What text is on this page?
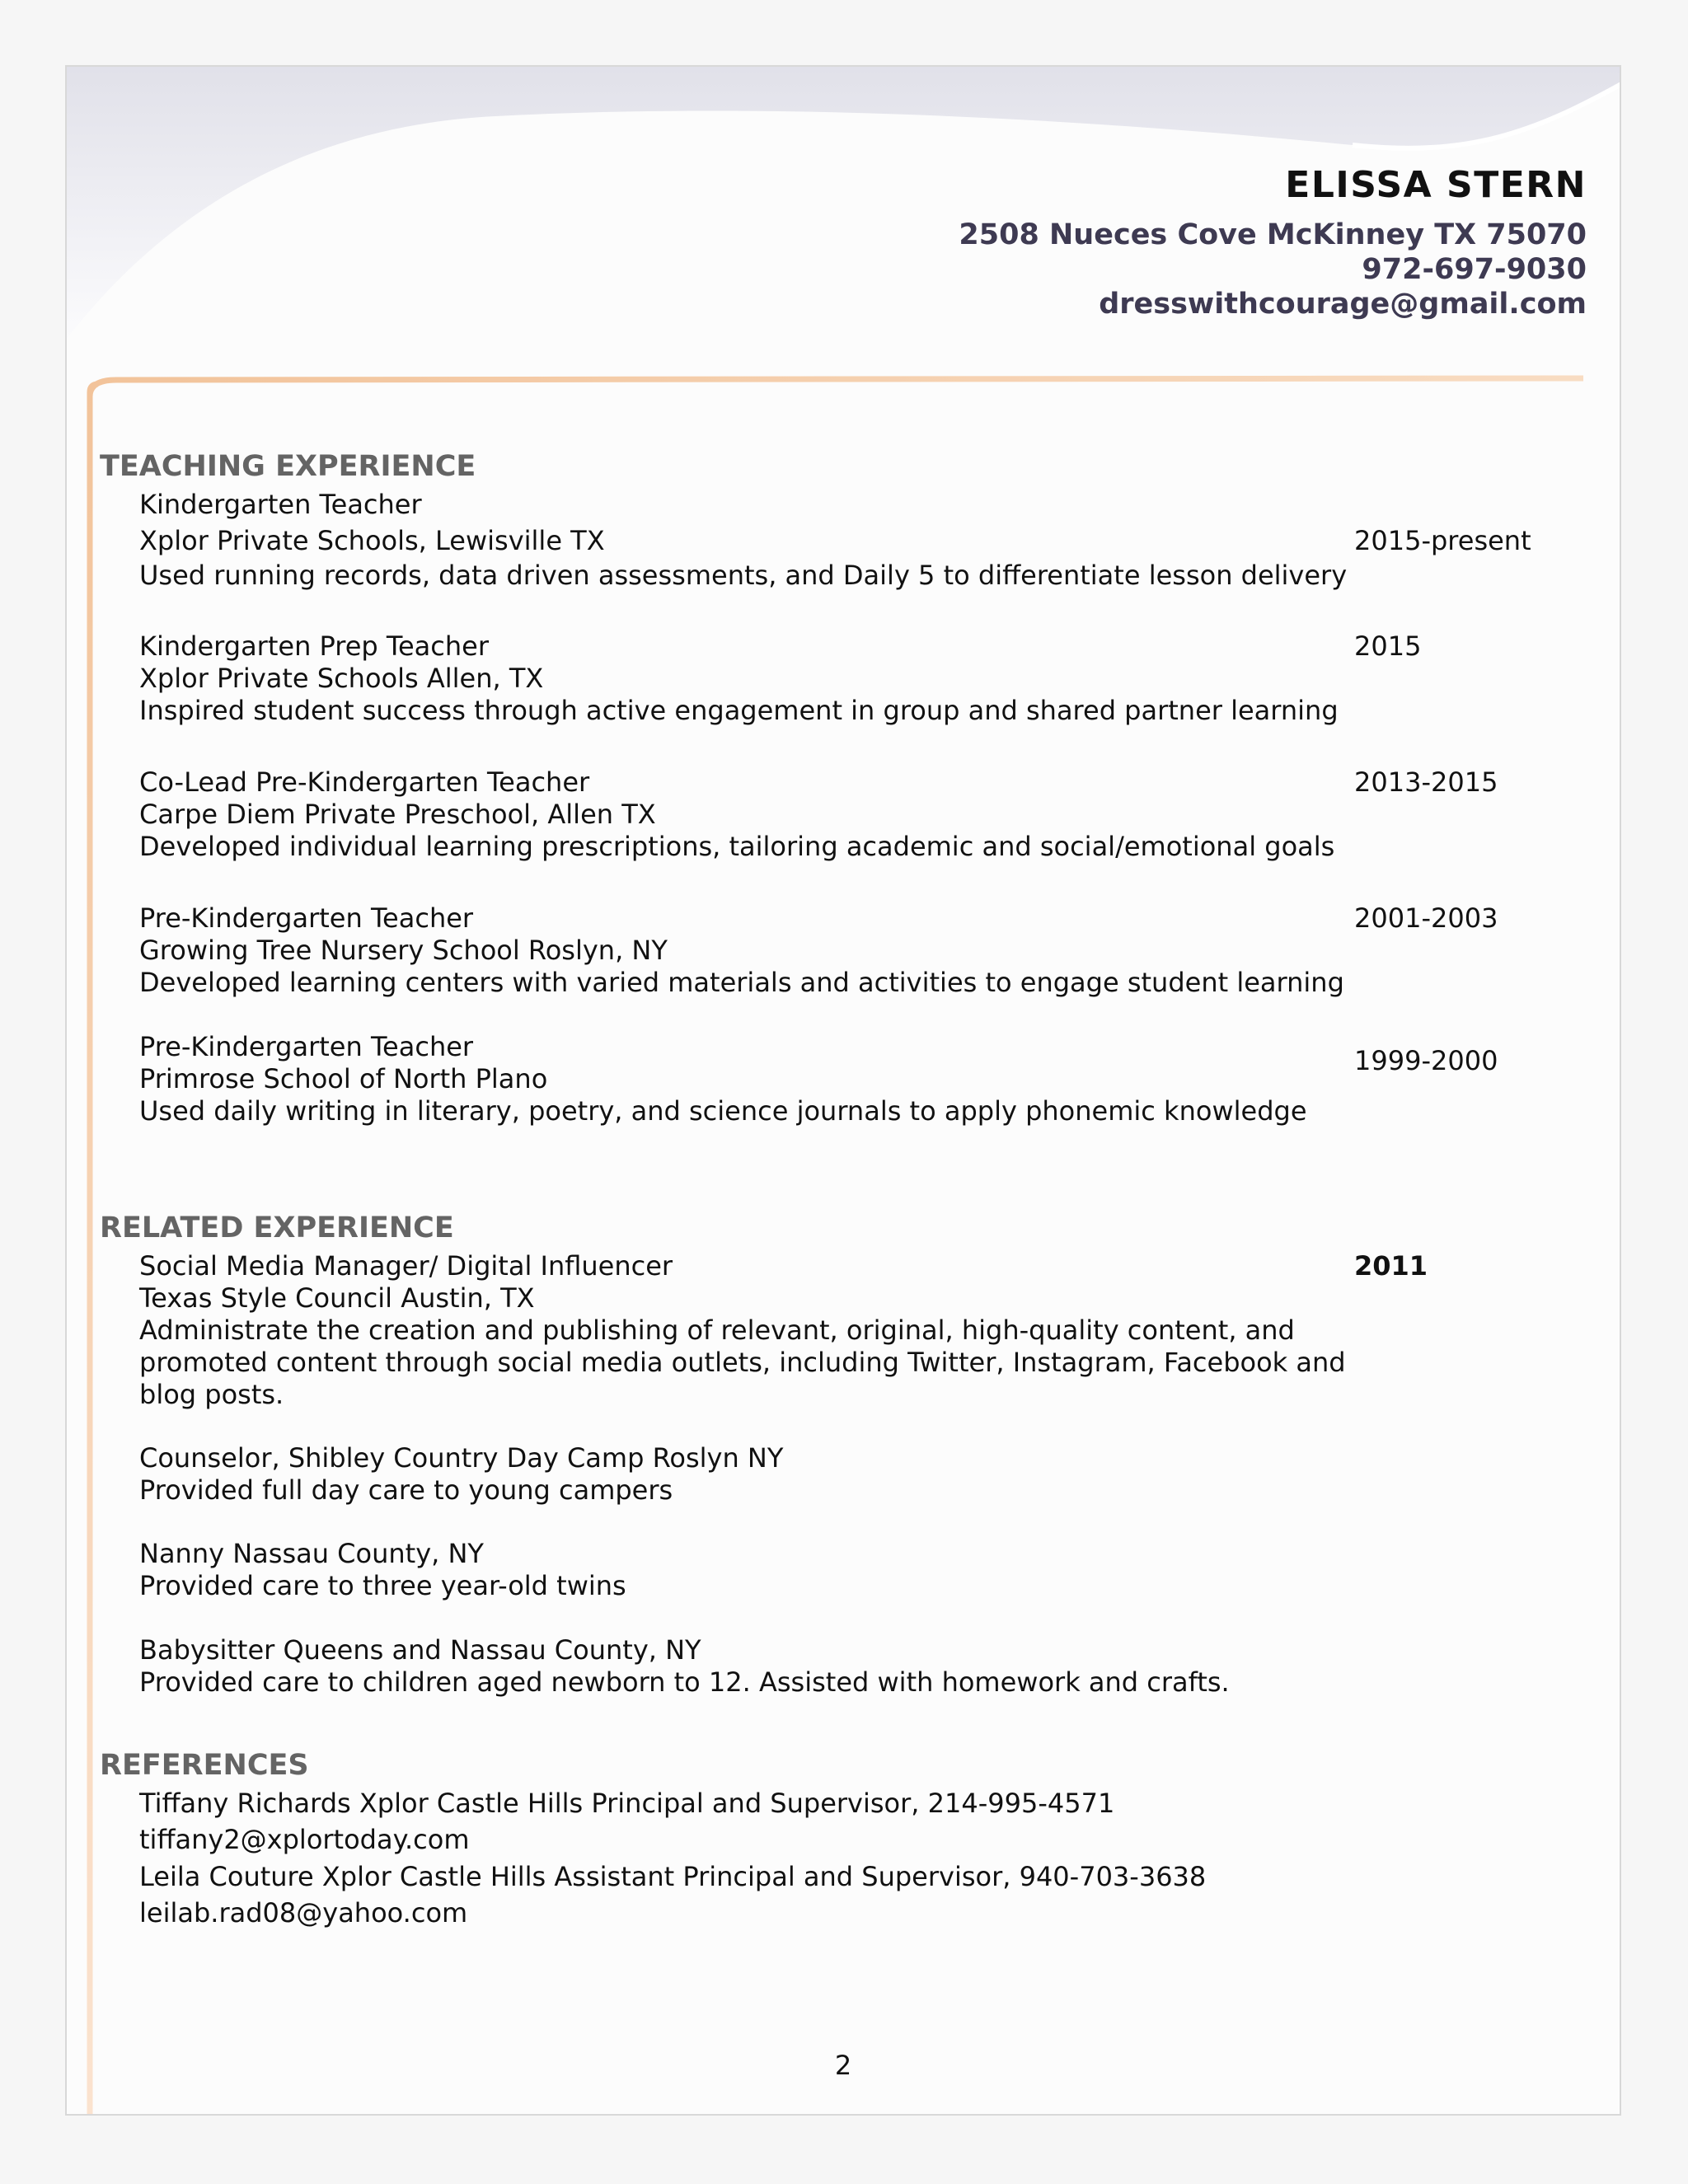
ELISSA STERN
2508 Nueces Cove McKinney TX 75070
972-697-9030
dresswithcourage@gmail.com
TEACHING EXPERIENCE
Kindergarten Teacher
Xplor Private Schools, Lewisville TX	2015-present
Used running records, data driven assessments, and Daily 5 to differentiate lesson delivery
Kindergarten Prep Teacher	2015
Xplor Private Schools Allen, TX
Inspired student success through active engagement in group and shared partner learning
Co-Lead Pre-Kindergarten Teacher	2013-2015
Carpe Diem Private Preschool, Allen TX
Developed individual learning prescriptions, tailoring academic and social/emotional goals
Pre-Kindergarten Teacher	2001-2003
Growing Tree Nursery School Roslyn, NY
Developed learning centers with varied materials and activities to engage student learning
Pre-Kindergarten Teacher	1999-2000
Primrose School of North Plano
Used daily writing in literary, poetry, and science journals to apply phonemic knowledge
RELATED EXPERIENCE
Social Media Manager/ Digital Influencer	2011
Texas Style Council Austin, TX
Administrate the creation and publishing of relevant, original, high-quality content, and
promoted content through social media outlets, including Twitter, Instagram, Facebook and
blog posts.
Counselor, Shibley Country Day Camp Roslyn NY
Provided full day care to young campers
Nanny Nassau County, NY
Provided care to three year-old twins
Babysitter Queens and Nassau County, NY
Provided care to children aged newborn to 12. Assisted with homework and crafts.
REFERENCES
Tiffany Richards Xplor Castle Hills Principal and Supervisor, 214-995-4571
tiffany2@xplortoday.com
Leila Couture Xplor Castle Hills Assistant Principal and Supervisor, 940-703-3638
leilab.rad08@yahoo.com
2
